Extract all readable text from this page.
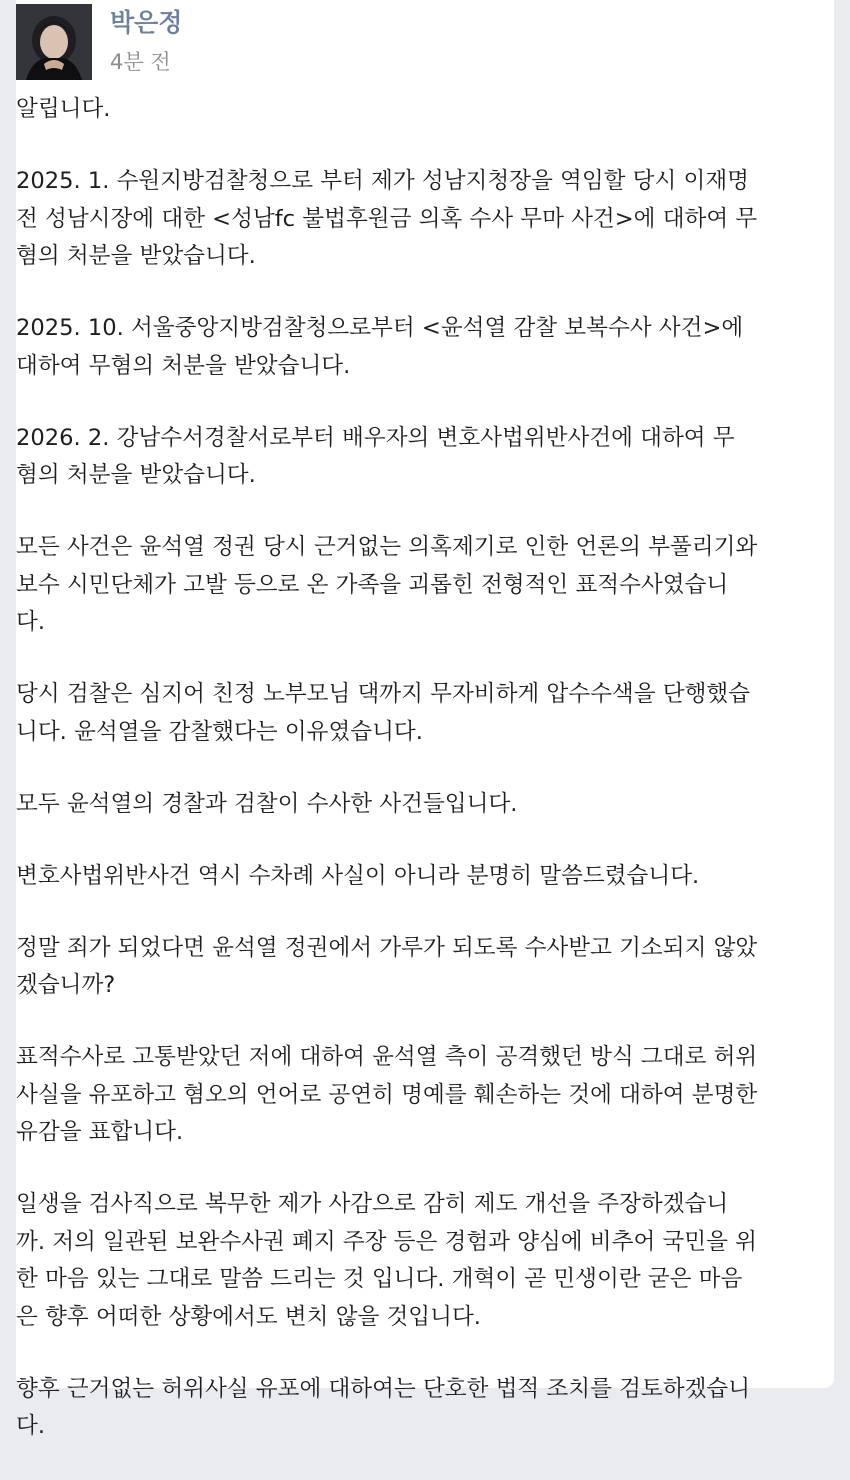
박은정
4분 전
알립니다.
2025. 1. 수원지방검찰청으로 부터 제가 성남지청장을 역임할 당시 이재명
전 성남시장에 대한 <성남fc 불법후원금 의혹 수사 무마 사건>에 대하여 무
혐의 처분을 받았습니다.
2025. 10. 서울중앙지방검찰청으로부터 <윤석열 감찰 보복수사 사건>에
대하여 무혐의 처분을 받았습니다.
2026. 2. 강남수서경찰서로부터 배우자의 변호사법위반사건에 대하여 무
혐의 처분을 받았습니다.
모든 사건은 윤석열 정권 당시 근거없는 의혹제기로 인한 언론의 부풀리기와
보수 시민단체가 고발 등으로 온 가족을 괴롭힌 전형적인 표적수사였습니
다.
당시 검찰은 심지어 친정 노부모님 댁까지 무자비하게 압수수색을 단행했습
니다. 윤석열을 감찰했다는 이유였습니다.
모두 윤석열의 경찰과 검찰이 수사한 사건들입니다.
변호사법위반사건 역시 수차례 사실이 아니라 분명히 말씀드렸습니다.
정말 죄가 되었다면 윤석열 정권에서 가루가 되도록 수사받고 기소되지 않았
겠습니까?
표적수사로 고통받았던 저에 대하여 윤석열 측이 공격했던 방식 그대로 허위
사실을 유포하고 혐오의 언어로 공연히 명예를 훼손하는 것에 대하여 분명한
유감을 표합니다.
일생을 검사직으로 복무한 제가 사감으로 감히 제도 개선을 주장하겠습니
까. 저의 일관된 보완수사권 폐지 주장 등은 경험과 양심에 비추어 국민을 위
한 마음 있는 그대로 말씀 드리는 것 입니다. 개혁이 곧 민생이란 굳은 마음
은 향후 어떠한 상황에서도 변치 않을 것입니다.
향후 근거없는 허위사실 유포에 대하여는 단호한 법적 조치를 검토하겠습니
다.
